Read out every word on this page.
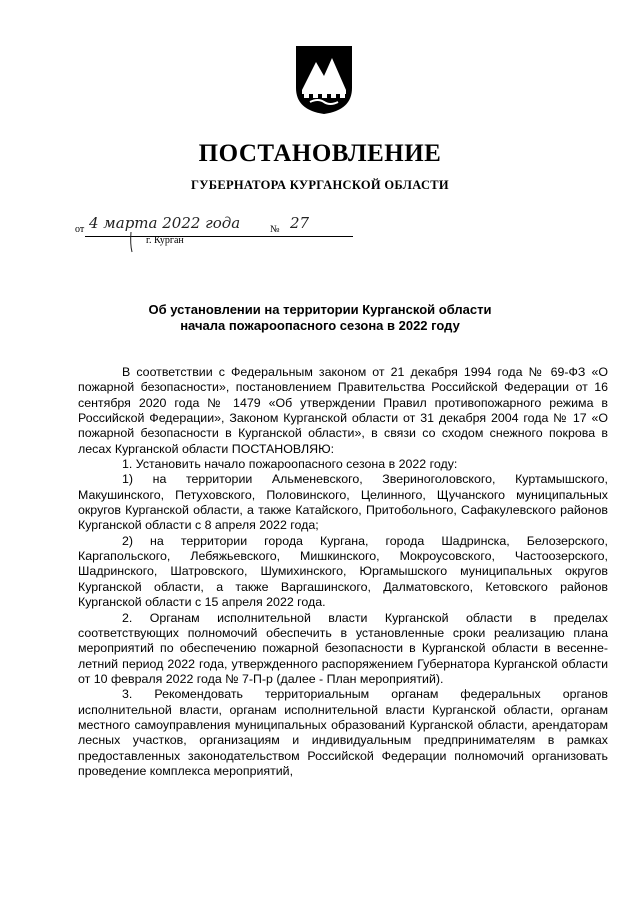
ПОСТАНОВЛЕНИЕ
ГУБЕРНАТОРА КУРГАНСКОЙ ОБЛАСТИ
от 4 марта 2022 года	№ 27
г. Курган
Об установлении на территории Курганской области
начала пожароопасного сезона в 2022 году
В соответствии с Федеральным законом от 21 декабря 1994 года № 69-ФЗ «О пожарной безопасности», постановлением Правительства Российской Федерации от 16 сентября 2020 года № 1479 «Об утверждении Правил противопожарного режима в Российской Федерации», Законом Курганской области от 31 декабря 2004 года № 17 «О пожарной безопасности в Курганской области», в связи со сходом снежного покрова в лесах Курганской области ПОСТАНОВЛЯЮ:
1. Установить начало пожароопасного сезона в 2022 году:
1) на территории Альменевского, Звериноголовского, Куртамышского, Макушинского, Петуховского, Половинского, Целинного, Щучанского муниципальных округов Курганской области, а также Катайского, Притобольного, Сафакулевского районов Курганской области с 8 апреля 2022 года;
2) на территории города Кургана, города Шадринска, Белозерского, Каргапольского, Лебяжьевского, Мишкинского, Мокроусовского, Частоозерского, Шадринского, Шатровского, Шумихинского, Юргамышского муниципальных округов Курганской области, а также Варгашинского, Далматовского, Кетовского районов Курганской области с 15 апреля 2022 года.
2. Органам исполнительной власти Курганской области в пределах соответствующих полномочий обеспечить в установленные сроки реализацию плана мероприятий по обеспечению пожарной безопасности в Курганской области в весенне-летний период 2022 года, утвержденного распоряжением Губернатора Курганской области от 10 февраля 2022 года № 7-П-р (далее - План мероприятий).
3. Рекомендовать территориальным органам федеральных органов исполнительной власти, органам исполнительной власти Курганской области, органам местного самоуправления муниципальных образований Курганской области, арендаторам лесных участков, организациям и индивидуальным предпринимателям в рамках предоставленных законодательством Российской Федерации полномочий организовать проведение комплекса мероприятий,
